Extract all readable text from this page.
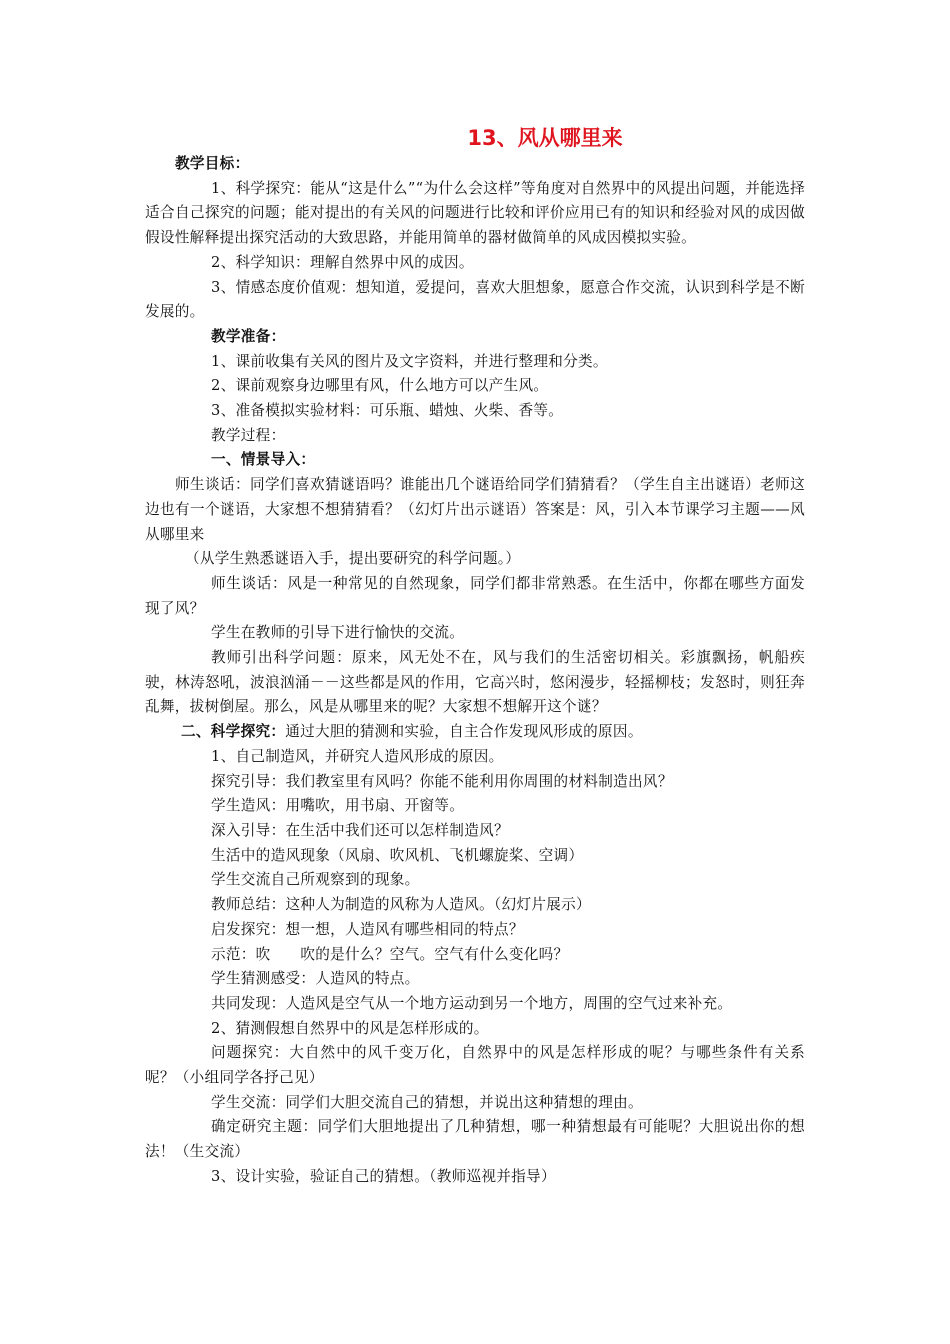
13、风从哪里来

教学目标：

1、科学探究：能从“这是什么”“为什么会这样”等角度对自然界中的风提出问题，并能选择适合自己探究的问题；能对提出的有关风的问题进行比较和评价应用已有的知识和经验对风的成因做假设性解释提出探究活动的大致思路，并能用简单的器材做简单的风成因模拟实验。

2、科学知识：理解自然界中风的成因。

3、情感态度价值观：想知道，爱提问，喜欢大胆想象，愿意合作交流，认识到科学是不断发展的。

教学准备：

1、课前收集有关风的图片及文字资料，并进行整理和分类。

2、课前观察身边哪里有风，什么地方可以产生风。

3、准备模拟实验材料：可乐瓶、蜡烛、火柴、香等。

教学过程：

一、情景导入：

师生谈话：同学们喜欢猜谜语吗？谁能出几个谜语给同学们猜猜看？（学生自主出谜语）老师这边也有一个谜语，大家想不想猜猜看？（幻灯片出示谜语）答案是：风，引入本节课学习主题——风从哪里来

（从学生熟悉谜语入手，提出要研究的科学问题。）

师生谈话：风是一种常见的自然现象，同学们都非常熟悉。在生活中，你都在哪些方面发现了风？

学生在教师的引导下进行愉快的交流。

教师引出科学问题：原来，风无处不在，风与我们的生活密切相关。彩旗飘扬，帆船疾驶，林涛怒吼，波浪汹涌－－这些都是风的作用，它高兴时，悠闲漫步，轻摇柳枝；发怒时，则狂奔乱舞，拔树倒屋。那么，风是从哪里来的呢？大家想不想解开这个谜？

二、科学探究：通过大胆的猜测和实验，自主合作发现风形成的原因。

1、自己制造风，并研究人造风形成的原因。

探究引导：我们教室里有风吗？你能不能利用你周围的材料制造出风？

学生造风：用嘴吹，用书扇、开窗等。

深入引导：在生活中我们还可以怎样制造风？

生活中的造风现象（风扇、吹风机、飞机螺旋桨、空调）

学生交流自己所观察到的现象。

教师总结：这种人为制造的风称为人造风。（幻灯片展示）

启发探究：想一想，人造风有哪些相同的特点？

示范：吹　　吹的是什么？空气。空气有什么变化吗？

学生猜测感受：人造风的特点。

共同发现：人造风是空气从一个地方运动到另一个地方，周围的空气过来补充。

2、猜测假想自然界中的风是怎样形成的。

问题探究：大自然中的风千变万化，自然界中的风是怎样形成的呢？与哪些条件有关系呢？（小组同学各抒己见）

学生交流：同学们大胆交流自己的猜想，并说出这种猜想的理由。

确定研究主题：同学们大胆地提出了几种猜想，哪一种猜想最有可能呢？大胆说出你的想法！（生交流）

3、设计实验，验证自己的猜想。（教师巡视并指导）
